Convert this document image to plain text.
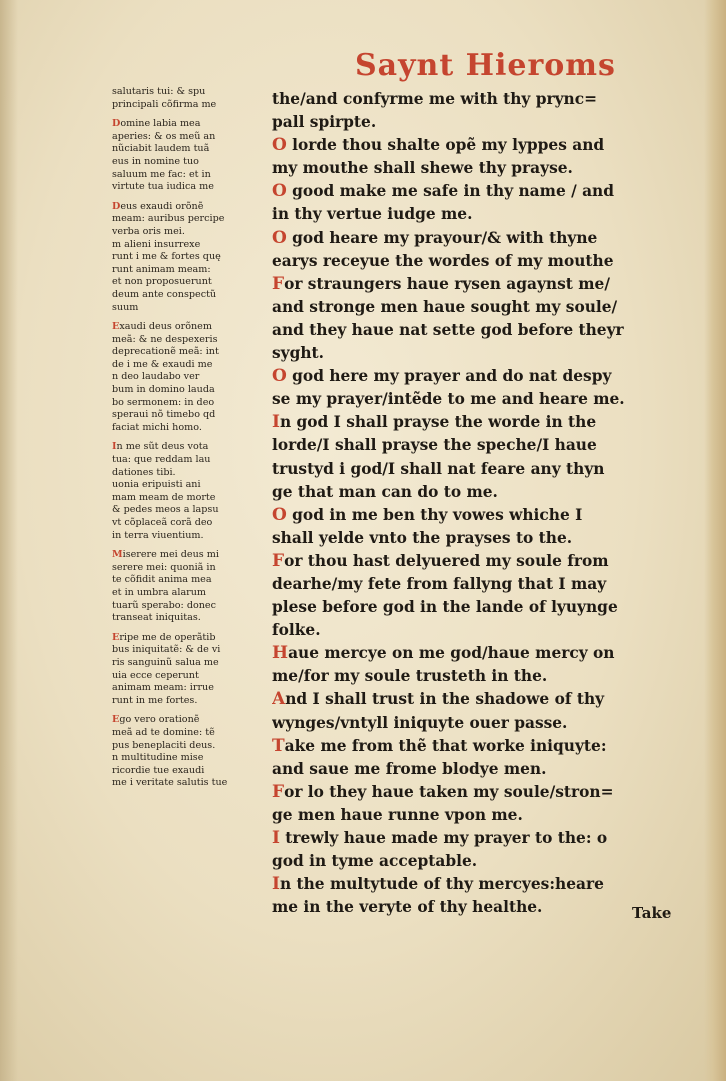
Saynt Hieroms

salutaris tui: & spu
principali cõfirma me

Domine labia mea
aperies: & os meũ an
nũciabit laudem tuã
eus in nomine tuo
saluum me fac: et in
virtute tua iudica me

Deus exaudi orõnẽ
meam: auribus percipe
verba oris mei.
m alieni insurrexe
runt i me & fortes quę
runt animam meam:
et non proposuerunt
deum ante conspectũ
suum

Exaudi deus orõnem
meã: & ne despexeris
deprecationẽ meã: int
de i me & exaudi me
n deo laudabo ver
bum in domino lauda
bo sermonem: in deo
speraui nõ timebo qd
faciat michi homo.

In me sũt deus vota
tua: que reddam lau
dationes tibi.
uonia eripuisti ani
mam meam de morte
& pedes meos a lapsu
vt cõplaceã corã deo
in terra viuentium.

Miserere mei deus mi
serere mei: quoniã in
te cõfidit anima mea
et in umbra alarum
tuarũ sperabo: donec
transeat iniquitas.

Eripe me de operãtib
bus iniquitatẽ: & de vi
ris sanguinũ salua me
uia ecce ceperunt
animam meam: irrue
runt in me fortes.

Ego vero orationẽ
meã ad te domine: tẽ
pus beneplaciti deus.
n multitudine mise
ricordie tue exaudi
me i veritate salutis tue

the/and confyrme me with thy prync=
pall spirpte.
O lorde thou shalte opẽ my lyppes and
my mouthe shall shewe thy prayse.
O good make me safe in thy name / and
in thy vertue iudge me.
O god heare my prayour/& with thyne
earys receyue the wordes of my mouthe
For straungers haue rysen agaynst me/
and stronge men haue sought my soule/
and they haue nat sette god before theyr
syght.
O god here my prayer and do nat despy
se my prayer/intẽde to me and heare me.
In god I shall prayse the worde in the
lorde/I shall prayse the speche/I haue
trustyd i god/I shall nat feare any thyn
ge that man can do to me.
O god in me ben thy vowes whiche I
shall yelde vnto the prayses to the.
For thou hast delyuered my soule from
dearhe/my fete from fallyng that I may
plese before god in the lande of lyuynge
folke.
Haue mercye on me god/haue mercy on
me/for my soule trusteth in the.
And I shall trust in the shadowe of thy
wynges/vntyll iniquyte ouer passe.
Take me from thẽ that worke iniquyte:
and saue me frome blodye men.
For lo they haue taken my soule/stron=
ge men haue runne vpon me.
I trewly haue made my prayer to the: o
god in tyme acceptable.
In the multytude of thy mercyes:heare
me in the veryte of thy healthe.	Take
